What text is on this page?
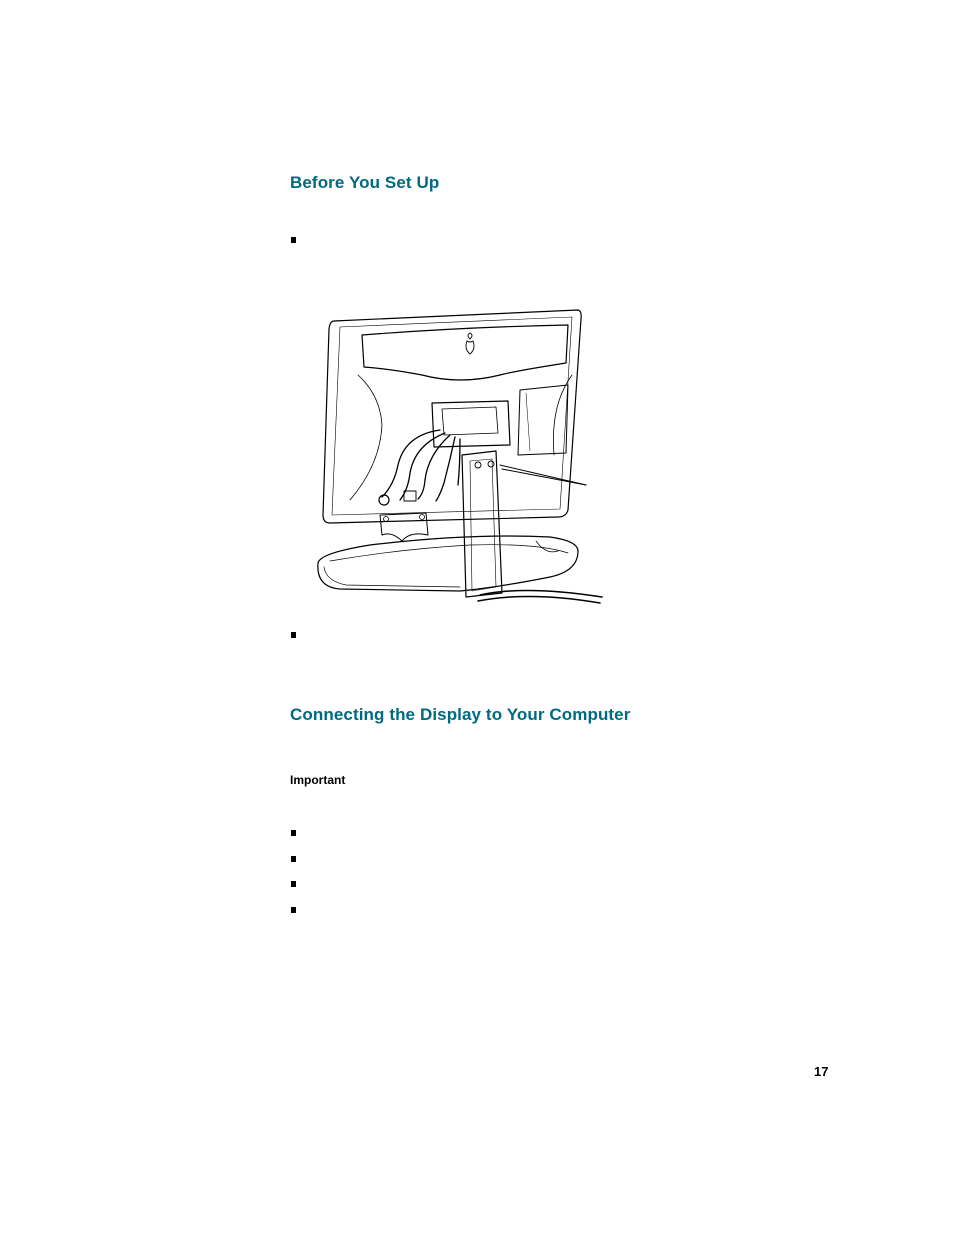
Before You Set Up
Connecting the Display to Your Computer
Important
17
